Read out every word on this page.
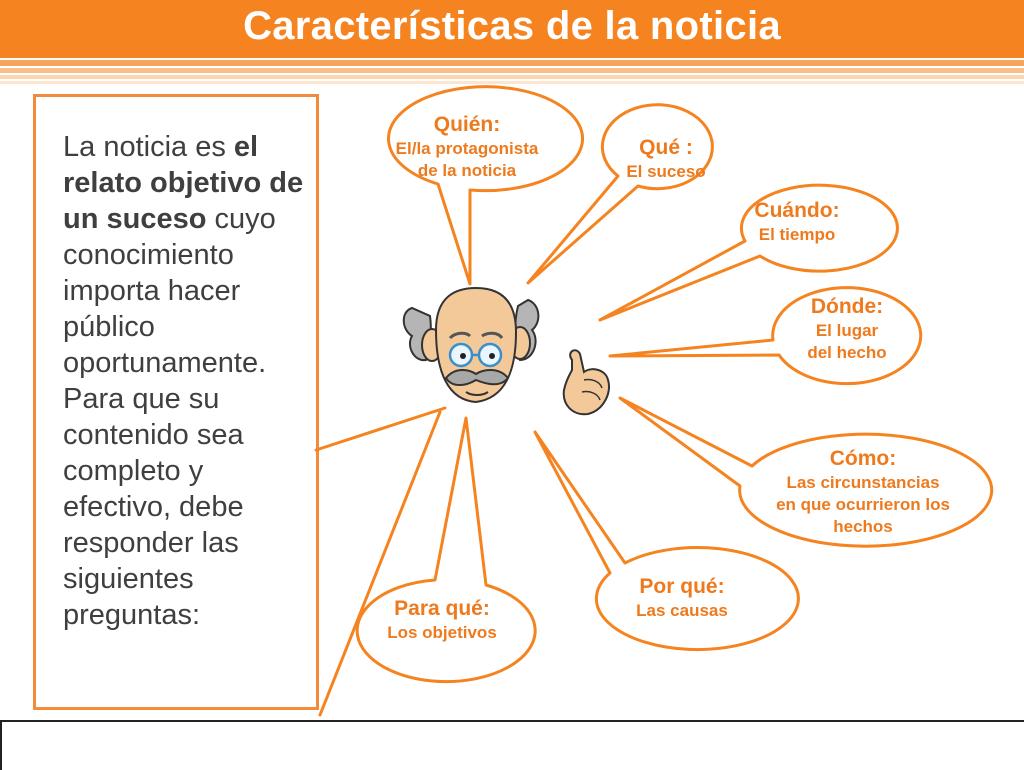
Características de la noticia

La noticia es el relato objetivo de un suceso cuyo conocimiento importa hacer público oportunamente. Para que su contenido sea completo y efectivo, debe responder las siguientes preguntas:

Quién:
El/la protagonista
de la noticia
Qué :
El suceso
Cuándo:
El tiempo
Dónde:
El lugar
del hecho
Cómo:
Las circunstancias
en que ocurrieron los
hechos
Por qué:
Las causas
Para qué:
Los objetivos
